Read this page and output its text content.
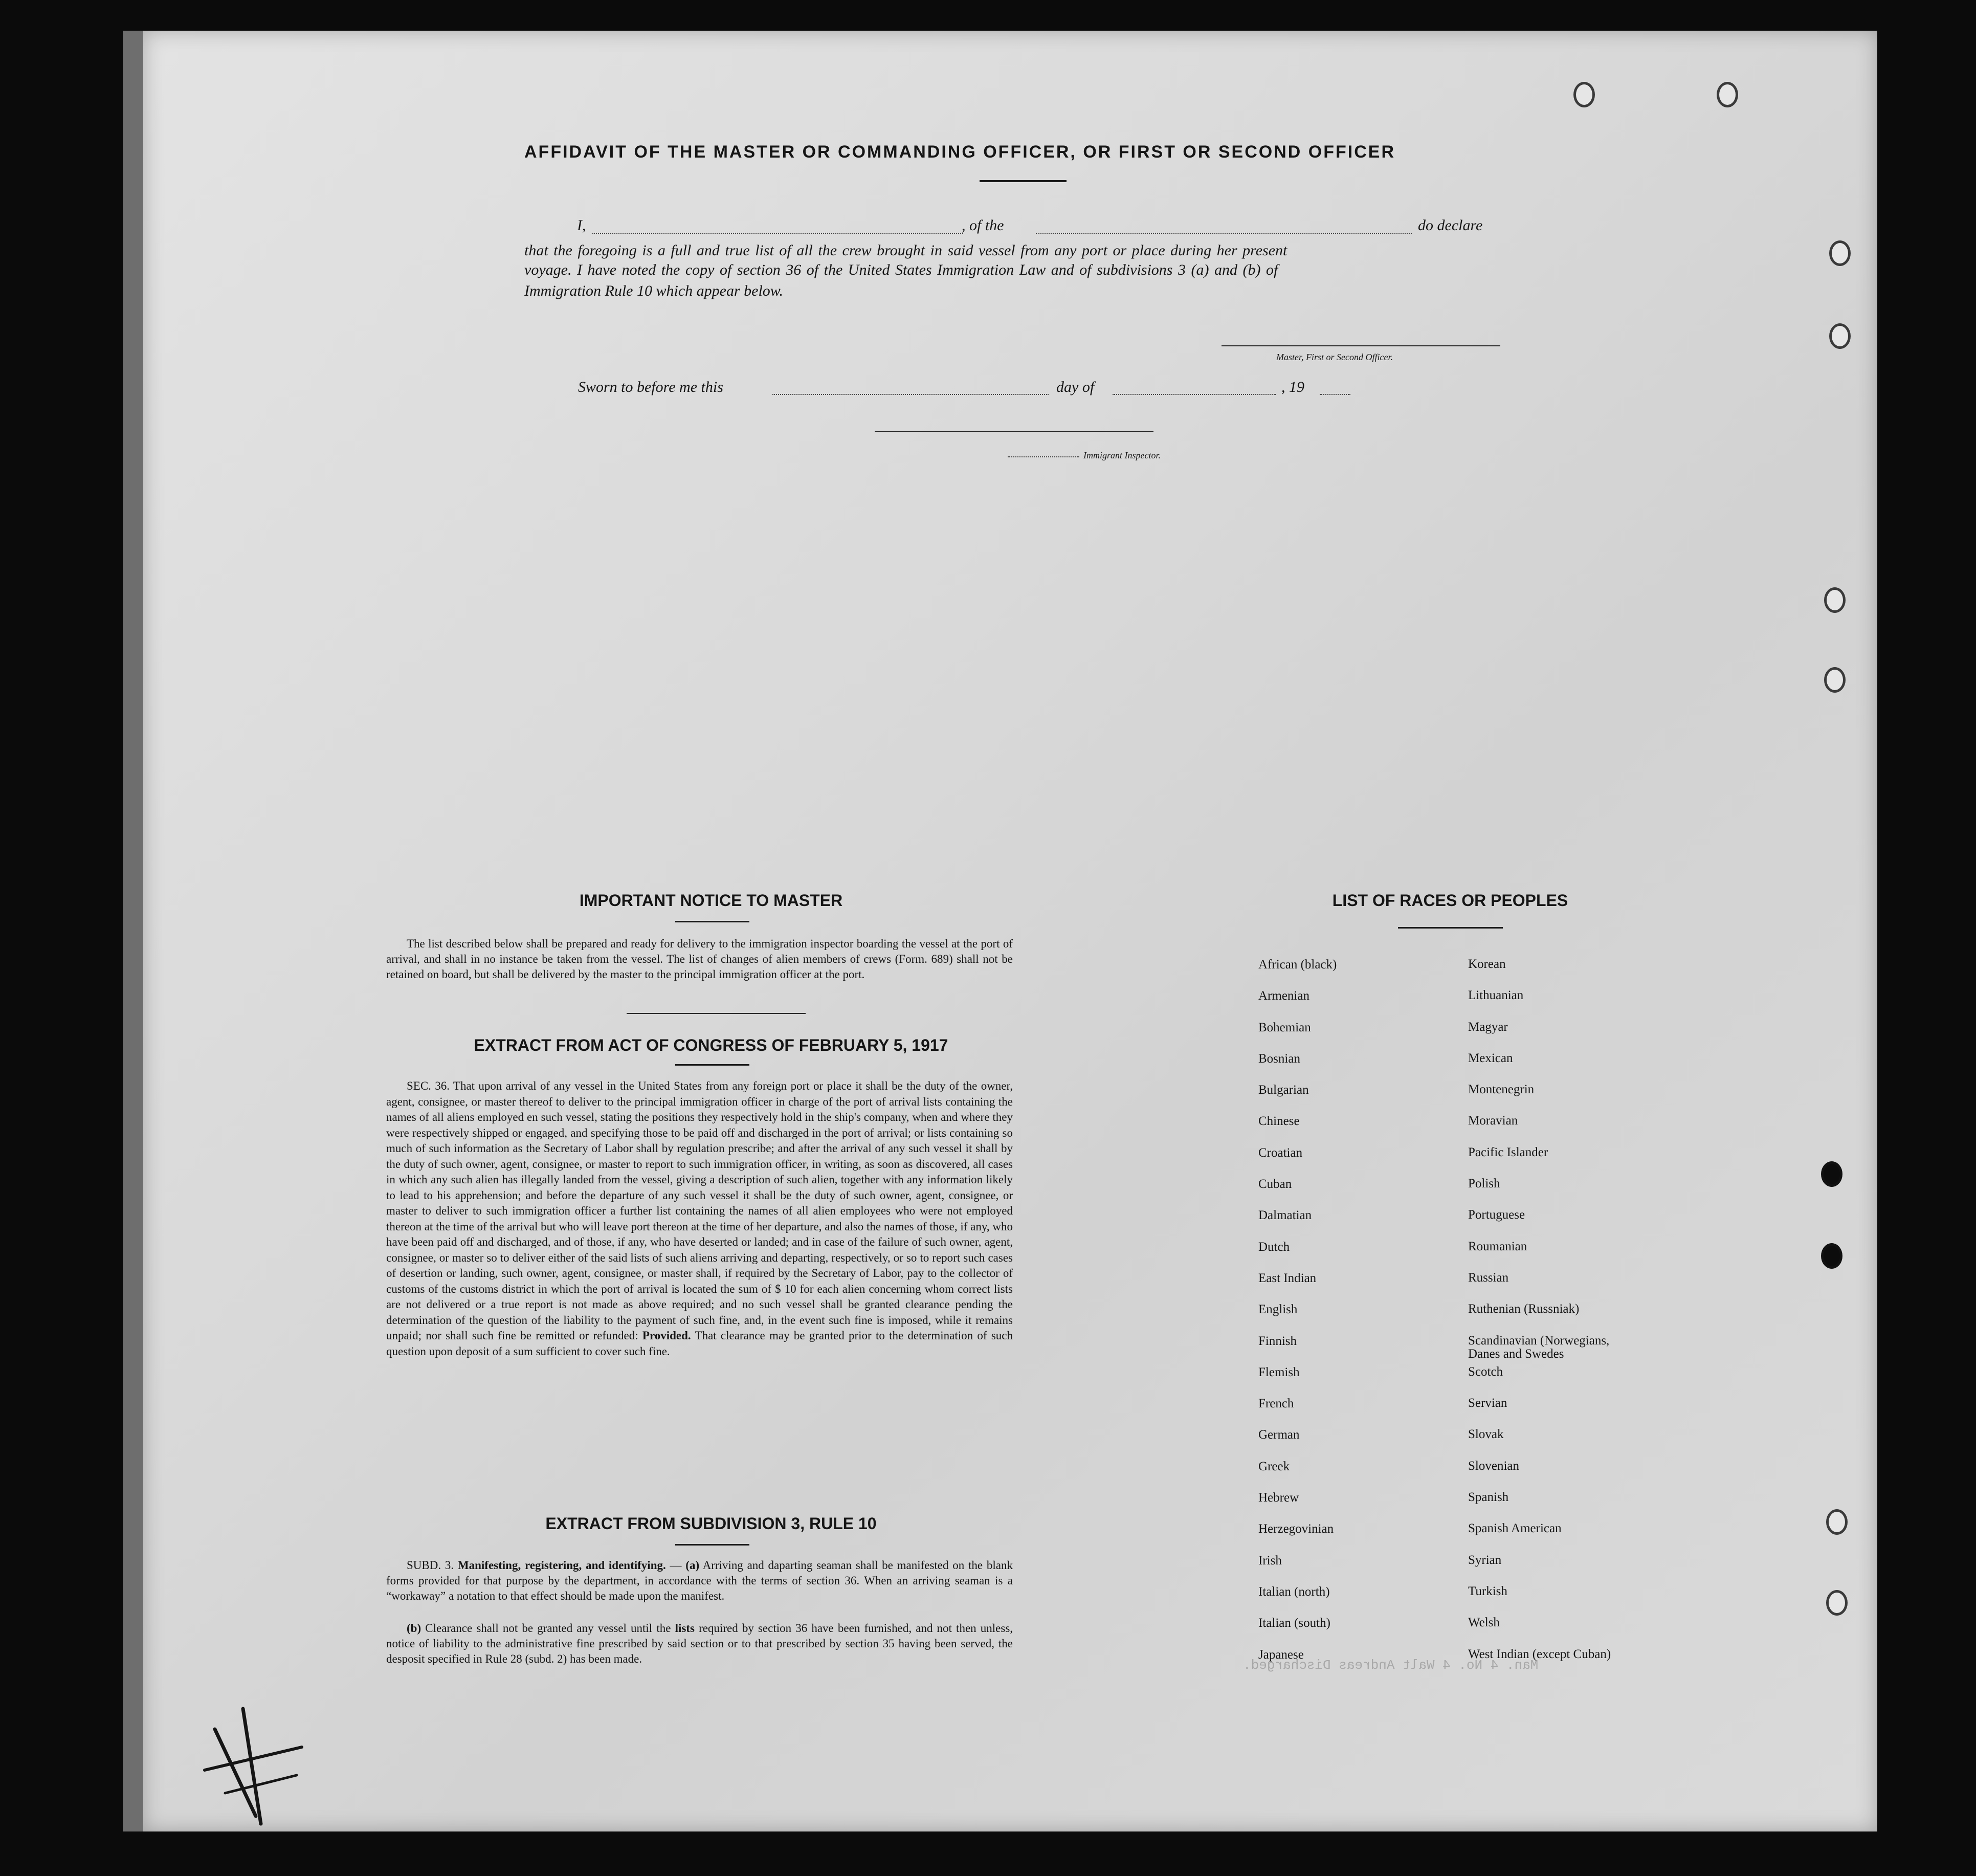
Man. 4 No. 4 Walt Andreas Discharged.
AFFIDAVIT OF THE MASTER OR COMMANDING OFFICER, OR FIRST OR SECOND OFFICER
I,	, of the	do declare
that the foregoing is a full and true list of all the crew brought in said vessel from any port or place during her present
voyage. I have noted the copy of section 36 of the United States Immigration Law and of subdivisions 3 (a) and (b) of
Immigration Rule 10 which appear below.
Master, First or Second Officer.
Sworn to before me this	day of	, 19
Immigrant Inspector.
IMPORTANT NOTICE TO MASTER
The list described below shall be prepared and ready for delivery to the immigration inspector boarding the vessel at the port of arrival, and shall in no instance be taken from the vessel. The list of changes of alien members of crews (Form. 689) shall not be retained on board, but shall be delivered by the master to the principal immigration officer at the port.
EXTRACT FROM ACT OF CONGRESS OF FEBRUARY 5, 1917
SEC. 36. That upon arrival of any vessel in the United States from any foreign port or place it shall be the duty of the owner, agent, consignee, or master thereof to deliver to the principal immigration officer in charge of the port of arrival lists containing the names of all aliens employed en such vessel, stating the positions they respectively hold in the ship's company, when and where they were respectively shipped or engaged, and specifying those to be paid off and discharged in the port of arrival; or lists containing so much of such information as the Secretary of Labor shall by regulation prescribe; and after the arrival of any such vessel it shall by the duty of such owner, agent, consignee, or master to report to such immigration officer, in writing, as soon as discovered, all cases in which any such alien has illegally landed from the vessel, giving a description of such alien, together with any information likely to lead to his apprehension; and before the departure of any such vessel it shall be the duty of such owner, agent, consignee, or master to deliver to such immigration officer a further list containing the names of all alien employees who were not employed thereon at the time of the arrival but who will leave port thereon at the time of her departure, and also the names of those, if any, who have been paid off and discharged, and of those, if any, who have deserted or landed; and in case of the failure of such owner, agent, consignee, or master so to deliver either of the said lists of such aliens arriving and departing, respectively, or so to report such cases of desertion or landing, such owner, agent, consignee, or master shall, if required by the Secretary of Labor, pay to the collector of customs of the customs district in which the port of arrival is located the sum of $ 10 for each alien concerning whom correct lists are not delivered or a true report is not made as above required; and no such vessel shall be granted clearance pending the determination of the question of the liability to the payment of such fine, and, in the event such fine is imposed, while it remains unpaid; nor shall such fine be remitted or refunded: Provided. That clearance may be granted prior to the determination of such question upon deposit of a sum sufficient to cover such fine.
EXTRACT FROM SUBDIVISION 3, RULE 10
SUBD. 3. Manifesting, registering, and identifying. — (a) Arriving and dapartin​g seaman shall be manifested on the blank forms provided for that purpose by the department, in accordance with the terms of section 36. When an arriving seaman is a “workaway” a notation to that effect should be made upon the manifest.
(b) Clearance shall not be granted any vessel until the lists required by section 36 have been furnished, and not then unless, notice of liability to the administrative fine prescribed by said section or to that prescribed by section 35 having been served, the desposit specified in Rule 28 (subd. 2) has been made.
LIST OF RACES OR PEOPLES
African (black)	Korean
Armenian	Lithuanian
Bohemian	Magyar
Bosnian	Mexican
Bulgarian	Montenegrin
Chinese	Moravian
Croatian	Pacific Islander
Cuban	Polish
Dalmatian	Portuguese
Dutch	Roumanian
East Indian	Russian
English	Ruthenian (Russniak)
Finnish	Scandinavian (Norwegians,
Danes and Swedes
Flemish	Scotch
French	Servian
German	Slovak
Greek	Slovenian
Hebrew	Spanish
Herzegovinian	Spanish American
Irish	Syrian
Italian (north)	Turkish
Italian (south)	Welsh
Japanese	West Indian (except Cuban)
